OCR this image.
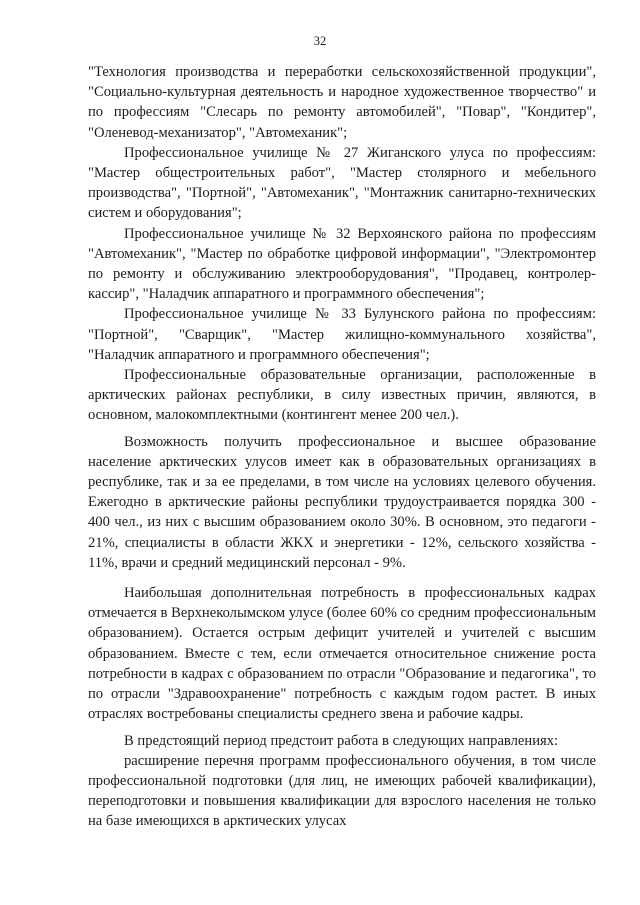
32

"Технология производства и переработки сельскохозяйственной продукции", "Социально-культурная деятельность и народное художественное творчество" и по профессиям "Слесарь по ремонту автомобилей", "Повар", "Кондитер", "Оленевод-механизатор", "Автомеханик";

Профессиональное училище № 27 Жиганского улуса по профессиям: "Мастер общестроительных работ", "Мастер столярного и мебельного производства", "Портной", "Автомеханик", "Монтажник санитарно-технических систем и оборудования";

Профессиональное училище № 32 Верхоянского района по профессиям "Автомеханик", "Мастер по обработке цифровой информации", "Электромонтер по ремонту и обслуживанию электрооборудования", "Продавец, контролер-кассир", "Наладчик аппаратного и программного обеспечения";

Профессиональное училище № 33 Булунского района по профессиям: "Портной", "Сварщик", "Мастер жилищно-коммунального хозяйства", "Наладчик аппаратного и программного обеспечения";

Профессиональные образовательные организации, расположенные в арктических районах республики, в силу известных причин, являются, в основном, малокомплектными (контингент менее 200 чел.).

Возможность получить профессиональное и высшее образование население арктических улусов имеет как в образовательных организациях в республике, так и за ее пределами, в том числе на условиях целевого обучения. Ежегодно в арктические районы республики трудоустраивается порядка 300 - 400 чел., из них с высшим образованием около 30%. В основном, это педагоги - 21%, специалисты в области ЖКХ и энергетики - 12%, сельского хозяйства - 11%, врачи и средний медицинский персонал - 9%.

Наибольшая дополнительная потребность в профессиональных кадрах отмечается в Верхнеколымском улусе (более 60% со средним профессиональным образованием). Остается острым дефицит учителей и учителей с высшим образованием. Вместе с тем, если отмечается относительное снижение роста потребности в кадрах с образованием по отрасли "Образование и педагогика", то по отрасли "Здравоохранение" потребность с каждым годом растет. В иных отраслях востребованы специалисты среднего звена и рабочие кадры.

В предстоящий период предстоит работа в следующих направлениях:

расширение перечня программ профессионального обучения, в том числе профессиональной подготовки (для лиц, не имеющих рабочей квалификации), переподготовки и повышения квалификации для взрослого населения не только на базе имеющихся в арктических улусах
